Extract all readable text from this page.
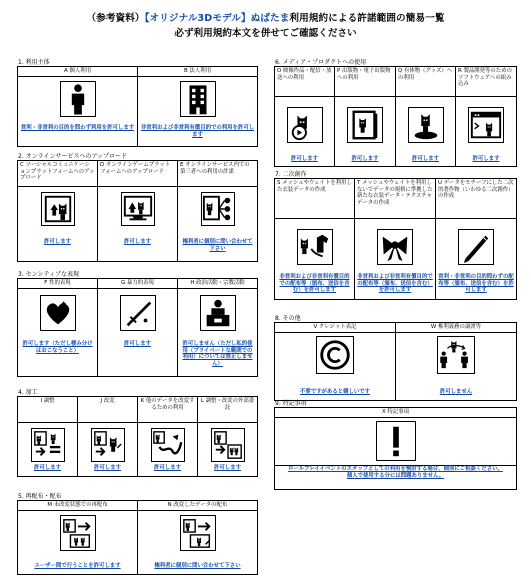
（参考資料）【オリジナル3Dモデル】ぬばたま利用規約による許諾範囲の簡易一覧
必ず利用規約本文を併せてご確認ください
1. 利用主体
A 個人利用
営利・非営利の目的を問わず利用を許可します
B 法人利用
非営利および非営利有償目的での利用を許可します
2. オンラインサービスへのアップロード
C ソーシャルコミュニケーションプラットフォームへのアップロード
許可します
D オンラインゲームプラットフォームへのアップロード
許可します
E オンラインサービス内での第三者への利用の許諾
権利者に個別に問い合わせて下さい
3. センシティブな表現
F 性的表現
許可します（ただし棲み分けはおこなうこと）
G 暴力的表現
許可します
H 政治活動・宗教活動
許可しません（ただし私的使用（プライベートな範囲での利用）については禁止しません）
4. 加工
I 調整
許可します
J 改変
許可します
K 他のデータを改変するための利用
許可します
L 調整・改変の外部委託
許可します
5. 再配布・配布
M 未改変状態での再配布
ユーザー間で行うことを許可します
N 改変したデータの配布
権利者に個別に問い合わせて下さい
6. メディア・プロダクトへの使用
O 映像作品・配信・放送への利用
許可します
P 出版物・電子出版物への利用
許可します
Q 有体物（グッズ）への利用
許可します
R 製品開発等のためのソフトウェアへの組み込み
許可します
7. 二次創作
S メッシュやウェイトを利用した衣装データの作成
非営利および非営利有償目的での配布等（頒布、送信を含む）を許可します
T メッシュやウェイトを利用しないでデータの規格に準拠した新たな衣装データ・テクスチャデータの作成
非営利および非営利有償目的での配布等（頒布、送信を含む）を許可します
U データをモチーフにした二次的著作物（いわゆる二次創作）の作成
営利・非営利の目的問わずの配布等（頒布、送信を含む）を許可します
8. その他
V クレジット表記
不要ですがあると嬉しいです
W 権利義務の譲渡等
許可しません
9. 特記事項
X 特記事項
ロールプレイイベントのスタッフとしての利用を検討する場合、個別にご相談ください。
個人で使用する分には問題ありません。
